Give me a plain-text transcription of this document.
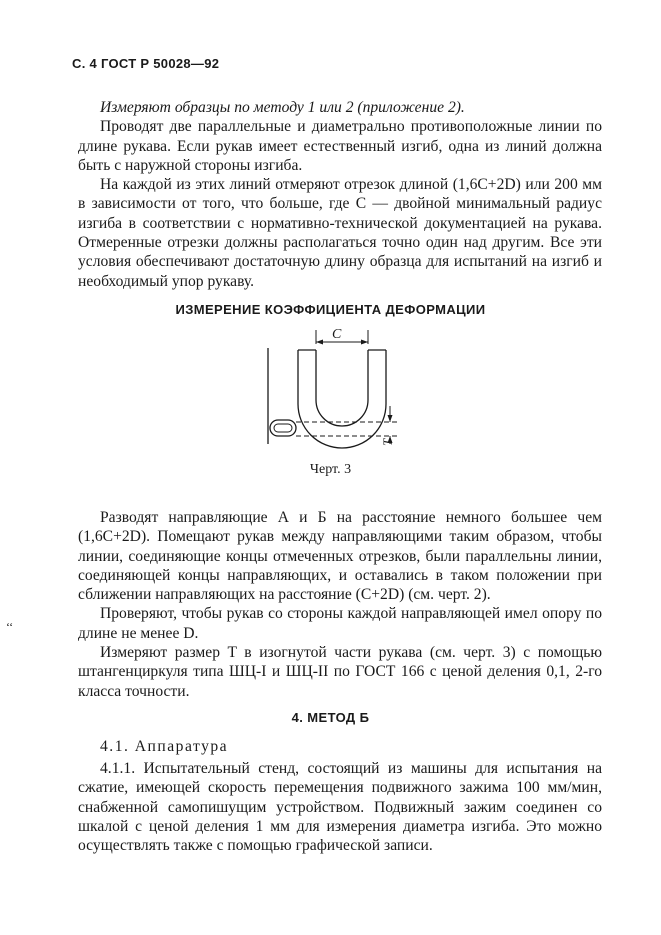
С. 4 ГОСТ Р 50028—92

Измеряют образцы по методу 1 или 2 (приложение 2).

Проводят две параллельные и диаметрально противоположные линии по длине рукава. Если рукав имеет естественный изгиб, одна из линий должна быть с наружной стороны изгиба.

На каждой из этих линий отмеряют отрезок длиной (1,6C+2D) или 200 мм в зависимости от того, что больше, где C — двойной минимальный радиус изгиба в соответствии с нормативно-технической документацией на рукава. Отмеренные отрезки должны располагаться точно один над другим. Все эти условия обеспечивают достаточную длину образца для испытаний на изгиб и необходимый упор рукаву.

ИЗМЕРЕНИЕ КОЭФФИЦИЕНТА ДЕФОРМАЦИИ
C
T
Черт. 3

Разводят направляющие А и Б на расстояние немного большее чем (1,6C+2D). Помещают рукав между направляющими таким образом, чтобы линии, соединяющие концы отмеченных отрезков, были параллельны линии, соединяющей концы направляющих, и оставались в таком положении при сближении направляющих на расстояние (C+2D) (см. черт. 2).

Проверяют, чтобы рукав со стороны каждой направляющей имел опору по длине не менее D.

Измеряют размер T в изогнутой части рукава (см. черт. 3) с помощью штангенциркуля типа ШЦ-I и ШЦ-II по ГОСТ 166 с ценой деления 0,1, 2-го класса точности.

‘‘
4. МЕТОД Б
4.1. Аппаратура

4.1.1. Испытательный стенд, состоящий из машины для испытания на сжатие, имеющей скорость перемещения подвижного зажима 100 мм/мин, снабженной самопишущим устройством. Подвижный зажим соединен со шкалой с ценой деления 1 мм для измерения диаметра изгиба. Это можно осуществлять также с помощью графической записи.
